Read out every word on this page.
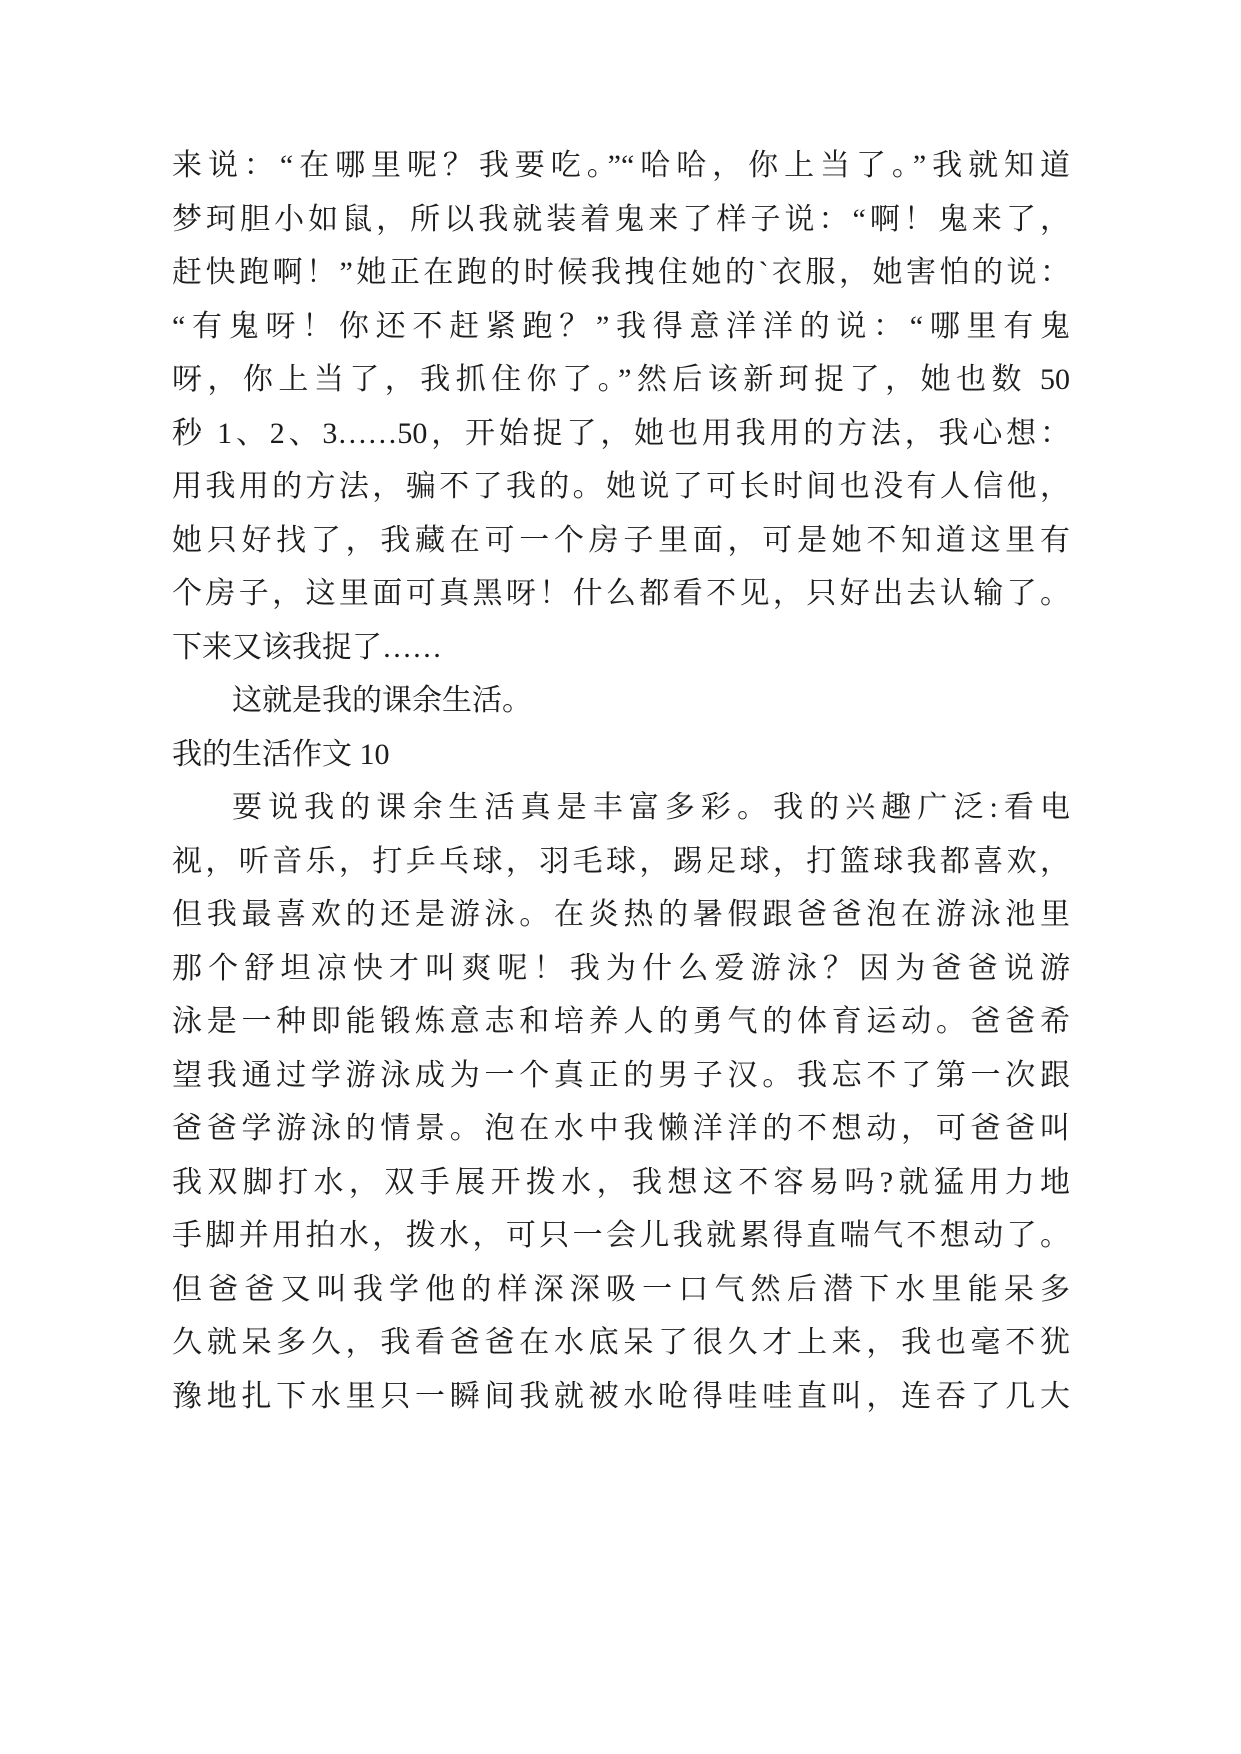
来说：“在哪里呢？我要吃。”“哈哈，你上当了。”我就知道
梦珂胆小如鼠，所以我就装着鬼来了样子说：“啊！鬼来了，
赶快跑啊！”她正在跑的时候我拽住她的`衣服，她害怕的说：
“有鬼呀！你还不赶紧跑？”我得意洋洋的说：“哪里有鬼
呀，你上当了，我抓住你了。”然后该新珂捉了，她也数 50
秒 1、2、3……50，开始捉了，她也用我用的方法，我心想：
用我用的方法，骗不了我的。她说了可长时间也没有人信他，
她只好找了，我藏在可一个房子里面，可是她不知道这里有
个房子，这里面可真黑呀！什么都看不见，只好出去认输了。
下来又该我捉了……
这就是我的课余生活。
我的生活作文 10
要说我的课余生活真是丰富多彩。我的兴趣广泛:看电
视，听音乐，打乒乓球，羽毛球，踢足球，打篮球我都喜欢，
但我最喜欢的还是游泳。在炎热的暑假跟爸爸泡在游泳池里
那个舒坦凉快才叫爽呢！我为什么爱游泳？因为爸爸说游
泳是一种即能锻炼意志和培养人的勇气的体育运动。爸爸希
望我通过学游泳成为一个真正的男子汉。我忘不了第一次跟
爸爸学游泳的情景。泡在水中我懒洋洋的不想动，可爸爸叫
我双脚打水，双手展开拨水，我想这不容易吗?就猛用力地
手脚并用拍水，拨水，可只一会儿我就累得直喘气不想动了。
但爸爸又叫我学他的样深深吸一口气然后潜下水里能呆多
久就呆多久，我看爸爸在水底呆了很久才上来，我也毫不犹
豫地扎下水里只一瞬间我就被水呛得哇哇直叫，连吞了几大
